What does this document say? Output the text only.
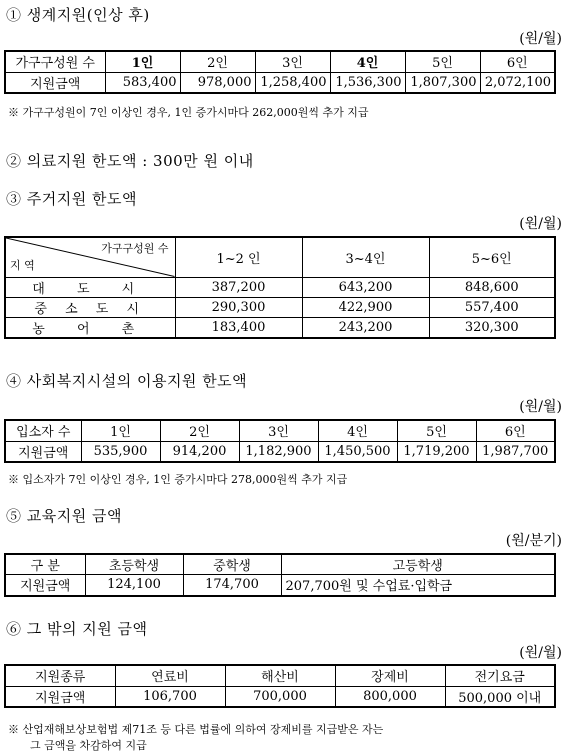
① 생계지원(인상 후)
(원/월)
가구구성원 수	1인	2인	3인	4인	5인	6인
지원금액	583,400	978,000	1,258,400	1,536,300	1,807,300	2,072,100
※ 가구구성원이 7인 이상인 경우, 1인 증가시마다 262,000원씩 추가 지급
② 의료지원 한도액 : 300만 원 이내
③ 주거지원 한도액
(원/월)
가구구성원 수
지 역	1~2 인	3~4인	5~6인
대 도 시	387,200	643,200	848,600
중 소 도 시	290,300	422,900	557,400
농 어 촌	183,400	243,200	320,300
④ 사회복지시설의 이용지원 한도액
(원/월)
입소자 수	1인	2인	3인	4인	5인	6인
지원금액	535,900	914,200	1,182,900	1,450,500	1,719,200	1,987,700
※ 입소자가 7인 이상인 경우, 1인 증가시마다 278,000원씩 추가 지급
⑤ 교육지원 금액
(원/분기)
구 분	초등학생	중학생	고등학생
지원금액	124,100	174,700	207,700원 및 수업료·입학금
⑥ 그 밖의 지원 금액
(원/월)
지원종류	연료비	해산비	장제비	전기요금
지원금액	106,700	700,000	800,000	500,000 이내
※ 산업재해보상보험법 제71조 등 다른 법률에 의하여 장제비를 지급받은 자는
그 금액을 차감하여 지급
